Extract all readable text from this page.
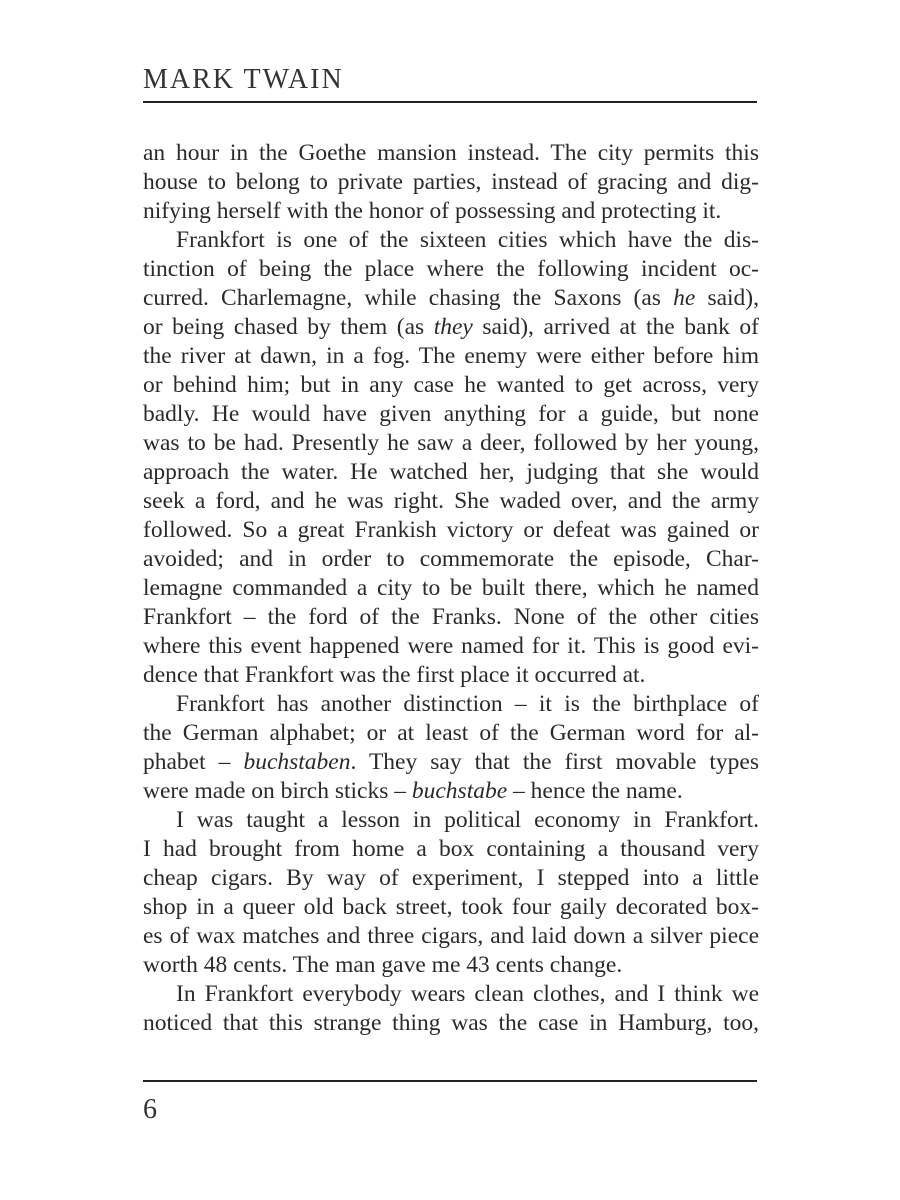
MARK TWAIN
an hour in the Goethe mansion instead. The city permits this
house to belong to private parties, instead of gracing and dig-
nifying herself with the honor of possessing and protecting it.
Frankfort is one of the sixteen cities which have the dis-
tinction of being the place where the following incident oc-
curred. Charlemagne, while chasing the Saxons (as he said),
or being chased by them (as they said), arrived at the bank of
the river at dawn, in a fog. The enemy were either before him
or behind him; but in any case he wanted to get across, very
badly. He would have given anything for a guide, but none
was to be had. Presently he saw a deer, followed by her young,
approach the water. He watched her, judging that she would
seek a ford, and he was right. She waded over, and the army
followed. So a great Frankish victory or defeat was gained or
avoided; and in order to commemorate the episode, Char-
lemagne commanded a city to be built there, which he named
Frankfort – the ford of the Franks. None of the other cities
where this event happened were named for it. This is good evi-
dence that Frankfort was the first place it occurred at.
Frankfort has another distinction – it is the birthplace of
the German alphabet; or at least of the German word for al-
phabet – buchstaben. They say that the first movable types
were made on birch sticks – buchstabe – hence the name.
I was taught a lesson in political economy in Frankfort.
I had brought from home a box containing a thousand very
cheap cigars. By way of experiment, I stepped into a little
shop in a queer old back street, took four gaily decorated box-
es of wax matches and three cigars, and laid down a silver piece
worth 48 cents. The man gave me 43 cents change.
In Frankfort everybody wears clean clothes, and I think we
noticed that this strange thing was the case in Hamburg, too,
6
